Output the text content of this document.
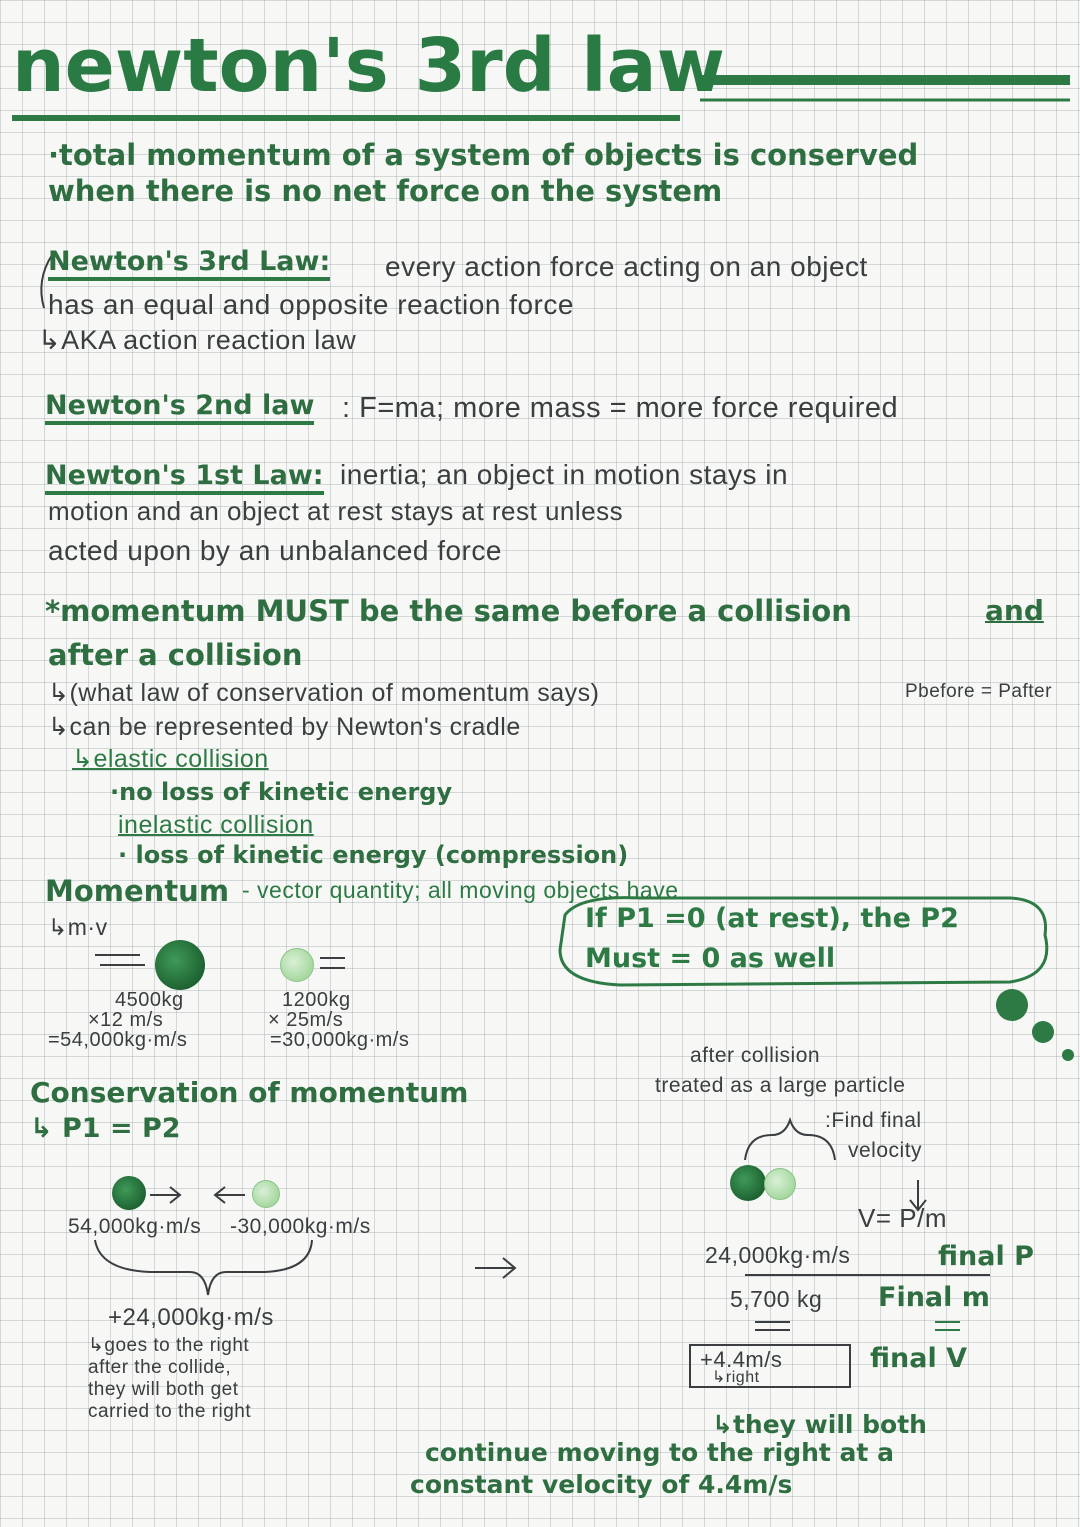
newton's 3rd law
·total momentum of a system of objects is conserved
when there is no net force on the system
Newton's 3rd Law: every action force acting on an object
has an equal and opposite reaction force
↳AKA action reaction law
Newton's 2nd law : F=ma; more mass = more force required
Newton's 1st Law: inertia; an object in motion stays in
motion and an object at rest stays at rest unless
acted upon by an unbalanced force
*momentum MUST be the same before a collision	and
after a collision
↳(what law of conservation of momentum says)	Pbefore = Pafter
↳can be represented by Newton's cradle
↳elastic collision
·no loss of kinetic energy
inelastic collision
· loss of kinetic energy (compression)
Momentum - vector quantity; all moving objects have
↳m·v
4500kg
×12 m/s
=54,000kg·m/s
1200kg
× 25m/s
=30,000kg·m/s
If P1 =0 (at rest), the P2
Must = 0 as well
Conservation of momentum
↳ P1 = P2
54,000kg·m/s -30,000kg·m/s
+24,000kg·m/s
↳goes to the right
after the collide,
they will both get
carried to the right
after collision
treated as a large particle
:Find final
velocity
V= P/m
24,000kg·m/s	final P
5,700 kg Final m
+4.4m/s
↳right
final V
↳they will both
continue moving to the right at a
constant velocity of 4.4m/s
